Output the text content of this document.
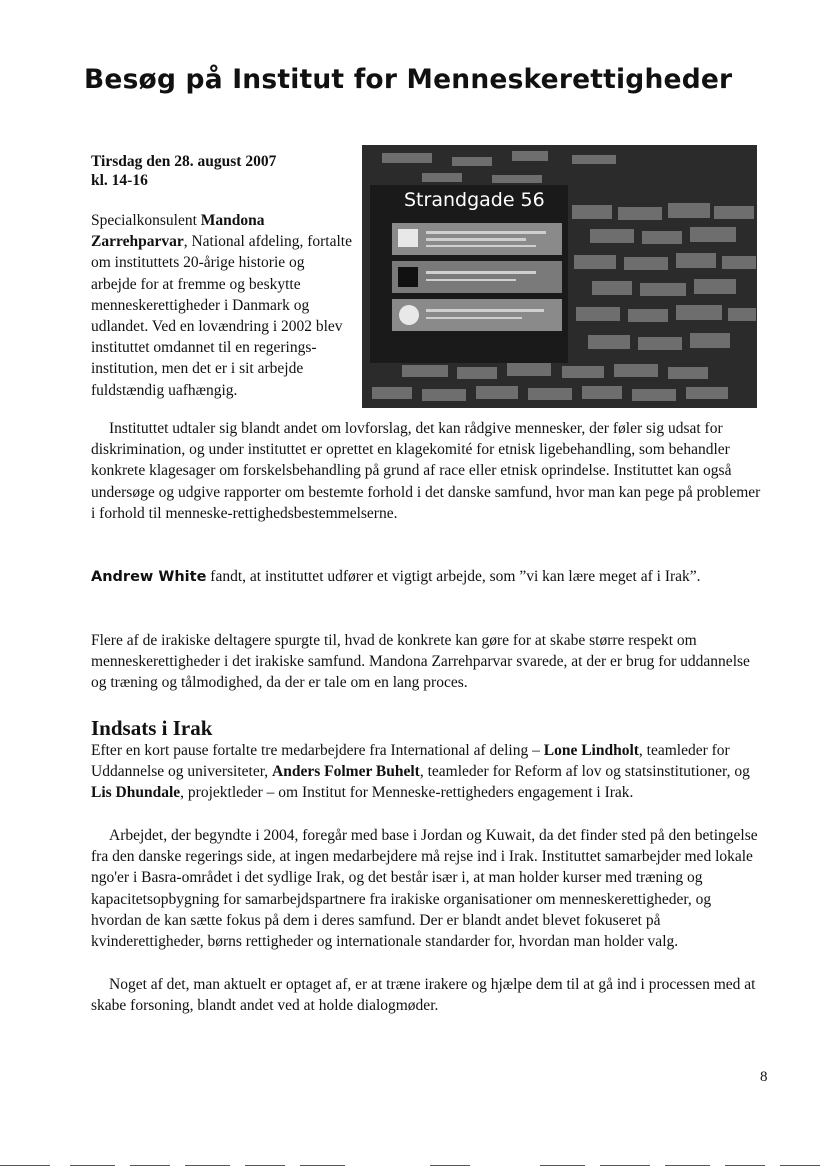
Besøg på Institut for Menneskerettigheder
Tirsdag den 28. august 2007
kl. 14-16
Strandgade 56

Specialkonsulent Mandona Zarrehparvar, National afdeling, fortalte om instituttets 20-årige historie og arbejde for at fremme og beskytte menneskerettigheder i Danmark og udlandet. Ved en lovændring i 2002 blev instituttet omdannet til en regerings-institution, men det er i sit arbejde fuldstændig uafhængig.

Instituttet udtaler sig blandt andet om lovforslag, det kan rådgive mennesker, der føler sig udsat for diskrimination, og under instituttet er oprettet en klagekomité for etnisk ligebehandling, som behandler konkrete klagesager om forskelsbehandling på grund af race eller etnisk oprindelse. Instituttet kan også undersøge og udgive rapporter om bestemte forhold i det danske samfund, hvor man kan pege på problemer i forhold til menneske-rettighedsbestemmelserne.

Andrew White fandt, at instituttet udfører et vigtigt arbejde, som ”vi kan lære meget af i Irak”.

Flere af de irakiske deltagere spurgte til, hvad de konkrete kan gøre for at skabe større respekt om menneskerettigheder i det irakiske samfund. Mandona Zarrehparvar svarede, at der er brug for uddannelse og træning og tålmodighed, da der er tale om en lang proces.

Indsats i Irak

Efter en kort pause fortalte tre medarbejdere fra International af deling – Lone Lindholt, teamleder for Uddannelse og universiteter, Anders Folmer Buhelt, teamleder for Reform af lov og statsinstitutioner, og Lis Dhundale, projektleder – om Institut for Menneske-rettigheders engagement i Irak.

Arbejdet, der begyndte i 2004, foregår med base i Jordan og Kuwait, da det finder sted på den betingelse fra den danske regerings side, at ingen medarbejdere må rejse ind i Irak. Instituttet samarbejder med lokale ngo'er i Basra-området i det sydlige Irak, og det består især i, at man holder kurser med træning og kapacitetsopbygning for samarbejdspartnere fra irakiske organisationer om menneskerettigheder, og hvordan de kan sætte fokus på dem i deres samfund. Der er blandt andet blevet fokuseret på kvinderettigheder, børns rettigheder og internationale standarder for, hvordan man holder valg.

Noget af det, man aktuelt er optaget af, er at træne irakere og hjælpe dem til at gå ind i processen med at skabe forsoning, blandt andet ved at holde dialogmøder.

8
